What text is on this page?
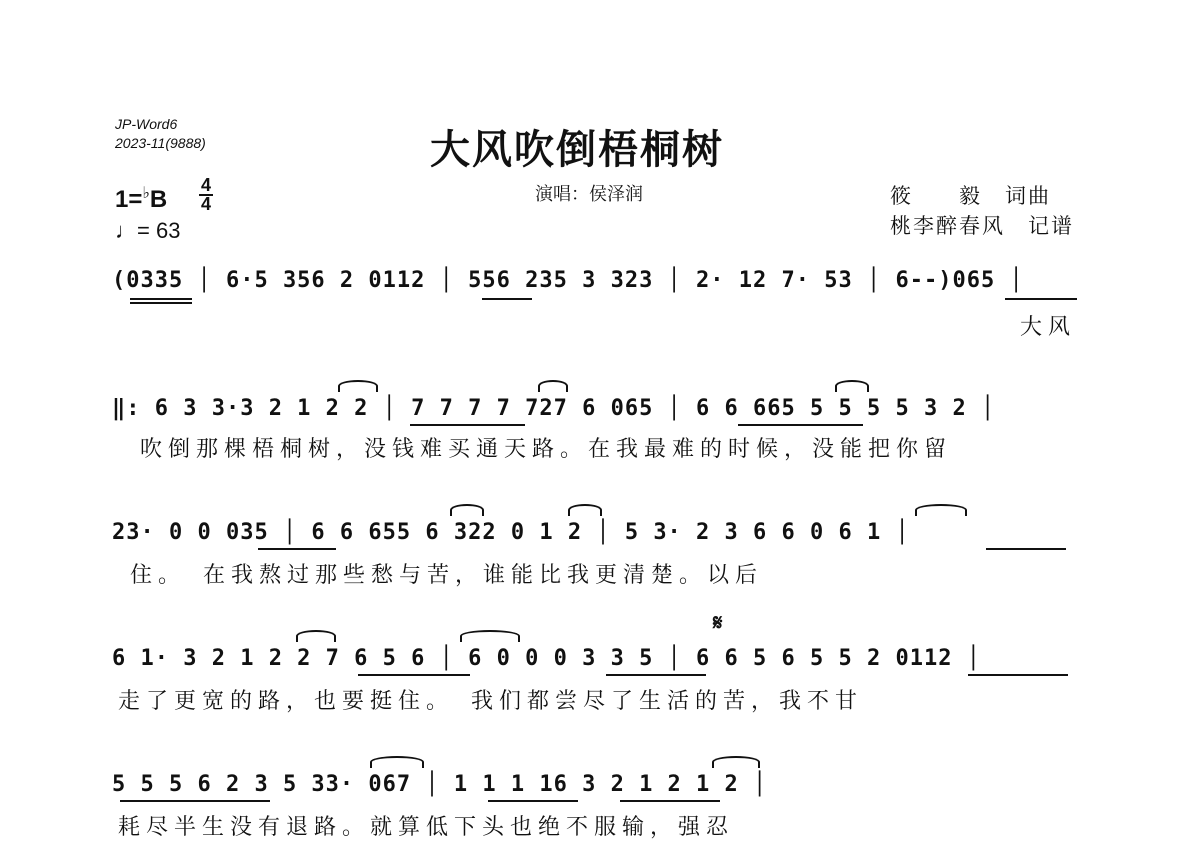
JP-Word6
2023-11(9888)	大风吹倒梧桐树
演唱：侯泽润	筱　　毅　词曲
桃李醉春风　记谱
1=♭B
4
4
♩= 63
(0335 │ 6·5 356 2 0112 │ 556 235 3 323 │ 2· 12 7· 53 │ 6--)065 │
大风
‖: 6 3 3·3 2 1 2 2 │ 7 7 7 7 727 6 065 │ 6 6 665 5 5 5 5 3 2 │
吹倒那棵梧桐树，没钱难买通天路。在我最难的时候，没能把你留
23· 0 0 035 │ 6 6 655 6 322 0 1 2 │ 5 3· 2 3 6 6 0 6 1 │
住。　在我熬过那些愁与苦，谁能比我更清楚。以后
𝄋
6 1· 3 2 1 2 2 7 6 5 6 │ 6 0 0 0 3 3 5 │ 6 6 5 6 5 5 2 0112 │
走了更宽的路，也要挺住。　我们都尝尽了生活的苦，我不甘
5 5 5 6 2 3 5 33· 067 │ 1 1 1 16 3 2 1 2 1 2 │
耗尽半生没有退路。就算低下头也绝不服输，强忍
